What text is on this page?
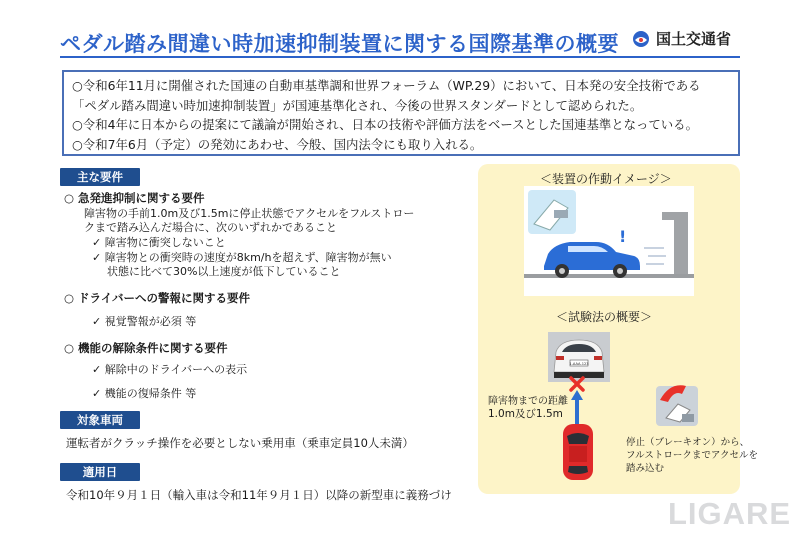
ペダル踏み間違い時加速抑制装置に関する国際基準の概要 国土交通省
○令和6年11月に開催された国連の自動車基準調和世界フォーラム（WP.29）において、日本発の安全技術である
「ペダル踏み間違い時加速抑制装置」が国連基準化され、今後の世界スタンダードとして認められた。
○令和4年に日本からの提案にて議論が開始され、日本の技術や評価方法をベースとした国連基準となっている。
○令和7年6月（予定）の発効にあわせ、今般、国内法令にも取り入れる。
主な要件
○ 急発進抑制に関する要件
障害物の手前1.0m及び1.5mに停止状態でアクセルをフルストロー
クまで踏み込んだ場合に、次のいずれかであること
✓ 障害物に衝突しないこと
✓ 障害物との衝突時の速度が8km/hを超えず、障害物が無い
状態に比べて30%以上速度が低下していること
○ ドライバーへの警報に関する要件
✓ 視覚警報が必須 等
○ 機能の解除条件に関する要件
✓ 解除中のドライバーへの表示
✓ 機能の復帰条件 等
対象車両
運転者がクラッチ操作を必要としない乗用車（乗車定員10人未満）
適用日
令和10年９月１日（輸入車は令和11年９月１日）以降の新型車に義務づけ
＜装置の作動イメージ＞
!
＜試験法の概要＞
1-AAA-123
障害物までの距離
1.0m及び1.5m
停止（ブレーキオン）から、
フルストロークまでアクセルを
踏み込む
LIGARE
